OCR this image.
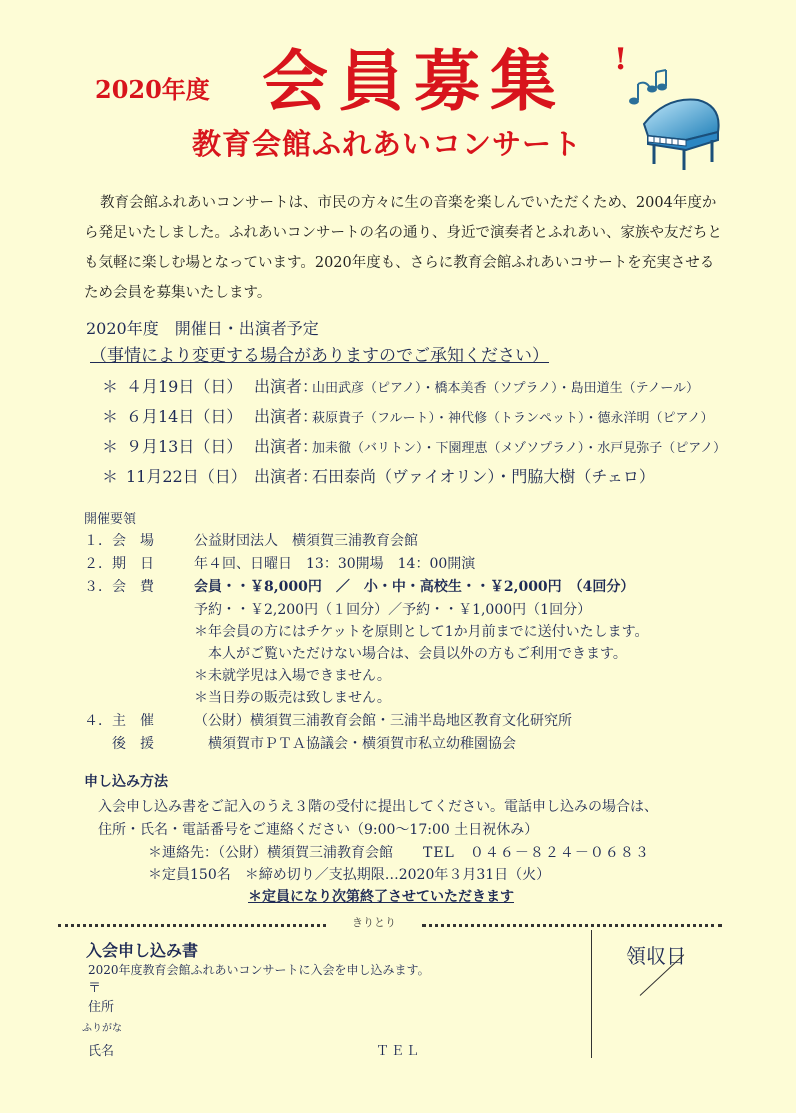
2020年度 会員募集 !
教育会館ふれあいコンサート

教育会館ふれあいコンサートは、市民の方々に生の音楽を楽しんでいただくため、2004年度から発足いたしました。ふれあいコンサートの名の通り、身近で演奏者とふれあい、家族や友だちとも気軽に楽しむ場となっています。2020年度も、さらに教育会館ふれあいコサートを充実させるため会員を募集いたします。

2020年度　開催日・出演者予定
（事情により変更する場合がありますのでご承知ください）
＊ ４月19日（日） 出演者：山田武彦（ピアノ）・橋本美香（ソプラノ）・島田道生（テノール）
＊ ６月14日（日） 出演者：萩原貴子（フルート）・神代修（トランペット）・德永洋明（ピアノ）
＊ ９月13日（日） 出演者：加耒徹（バリトン）・下園理恵（メゾソプラノ）・水戸見弥子（ピアノ）
＊ 11月22日（日） 出演者：石田泰尚（ヴァイオリン）・門脇大樹（チェロ）
開催要領
１．会　場	公益財団法人　横須賀三浦教育会館
２．期　日	年４回、日曜日　13：30開場　14：00開演
３．会　費	会員・・￥8,000円　／　小・中・高校生・・￥2,000円　（4回分）
予約・・￥2,200円（１回分）／予約・・￥1,000円（1回分）
＊年会員の方にはチケットを原則として1か月前までに送付いたします。
　本人がご覧いただけない場合は、会員以外の方もご利用できます。
＊未就学児は入場できません。
＊当日券の販売は致しません。
４．主　催	（公財）横須賀三浦教育会館・三浦半島地区教育文化研究所
後　援	横須賀市ＰＴＡ協議会・横須賀市私立幼稚園協会
申し込み方法
入会申し込み書をご記入のうえ３階の受付に提出してください。電話申し込みの場合は、
住所・氏名・電話番号をご連絡ください（9:00～17:00 土日祝休み）
＊連絡先：（公財）横須賀三浦教育会館 TEL　０４６－８２４－０６８３
＊定員150名　＊締め切り／支払期限…2020年３月31日（火）
＊定員になり次第終了させていただきます
きりとり
入会申し込み書
2020年度教育会館ふれあいコンサートに入会を申し込みます。
〒
住所
ふりがな
氏名	ＴＥＬ
領収日
